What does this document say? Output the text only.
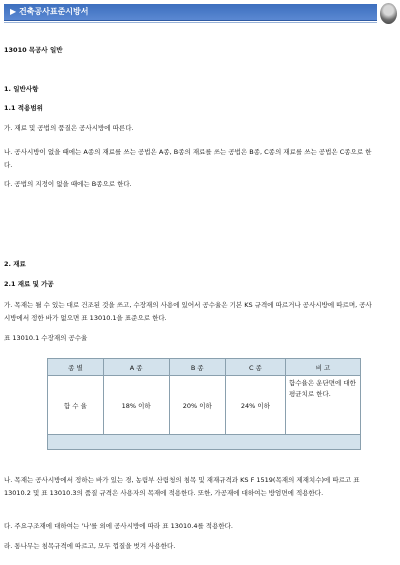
▶ 건축공사표준시방서
13010 목공사 일반
1. 일반사항
1.1 적용범위
가. 재료 및 공법의 품질은 공사시방에 따른다.
나. 공사시방이 없을 때에는 A종의 재료를 쓰는 공법은 A종, B종의 재료를 쓰는 공법은 B종, C종의 재료를 쓰는 공법은 C종으로 한다.
다. 공법의 지정이 없을 때에는 B종으로 한다.
2. 재료
2.1 재료 및 가공
가. 목재는 될 수 있는 대로 건조된 것을 쓰고, 수장재의 사용에 있어서 공수율은 기본 KS 규격에 따르거나 공사시방에 따르며, 공사시방에서 정한 바가 없으면 표 13010.1을 표준으로 한다.
표 13010.1 수장재의 공수율
종 별	A 종	B 종	C 종	비 고
함 수 율	18% 이하	20% 이하	24% 이하	함수율은 운단면에 대한 평균치로 한다.

나. 목재는 공사시방에서 정하는 바가 있는 경, 농림부 산림청의 침목 및 재재규격과 KS F 1519(목재의 제재치수)에 따르고 표 13010.2 및 표 13010.3의 품질 규격은 사용자의 목재에 적용한다. 또한, 가공재에 대하여는 방엄면에 적용한다.
다. 주요구조재에 대하여는 '나'를 외에 공사시방에 따라 표 13010.4를 적용한다.
라. 통나무는 침목규격에 따르고, 모두 껍질을 벗겨 사용한다.
